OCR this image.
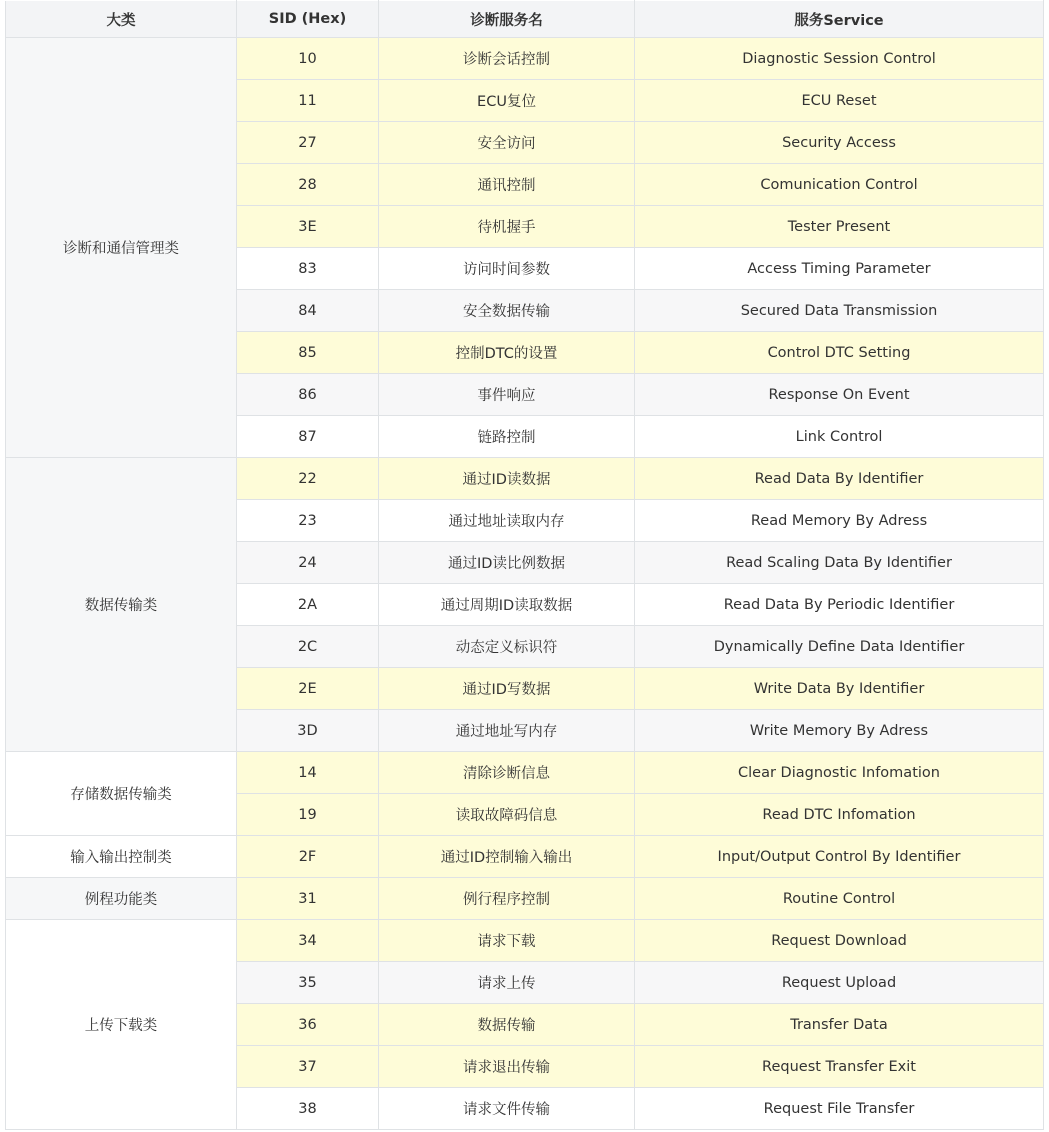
大类	SID (Hex)	诊断服务名	服务Service
诊断和通信管理类	10	诊断会话控制	Diagnostic Session Control
	11	ECU复位	ECU Reset
	27	安全访问	Security Access
	28	通讯控制	Comunication Control
	3E	待机握手	Tester Present
	83	访问时间参数	Access Timing Parameter
	84	安全数据传输	Secured Data Transmission
	85	控制DTC的设置	Control DTC Setting
	86	事件响应	Response On Event
	87	链路控制	Link Control
数据传输类	22	通过ID读数据	Read Data By Identifier
	23	通过地址读取内存	Read Memory By Adress
	24	通过ID读比例数据	Read Scaling Data By Identifier
	2A	通过周期ID读取数据	Read Data By Periodic Identifier
	2C	动态定义标识符	Dynamically Define Data Identifier
	2E	通过ID写数据	Write Data By Identifier
	3D	通过地址写内存	Write Memory By Adress
存储数据传输类	14	清除诊断信息	Clear Diagnostic Infomation
	19	读取故障码信息	Read DTC Infomation
输入输出控制类	2F	通过ID控制输入输出	Input/Output Control By Identifier
例程功能类	31	例行程序控制	Routine Control
上传下载类	34	请求下载	Request Download
	35	请求上传	Request Upload
	36	数据传输	Transfer Data
	37	请求退出传输	Request Transfer Exit
	38	请求文件传输	Request File Transfer
